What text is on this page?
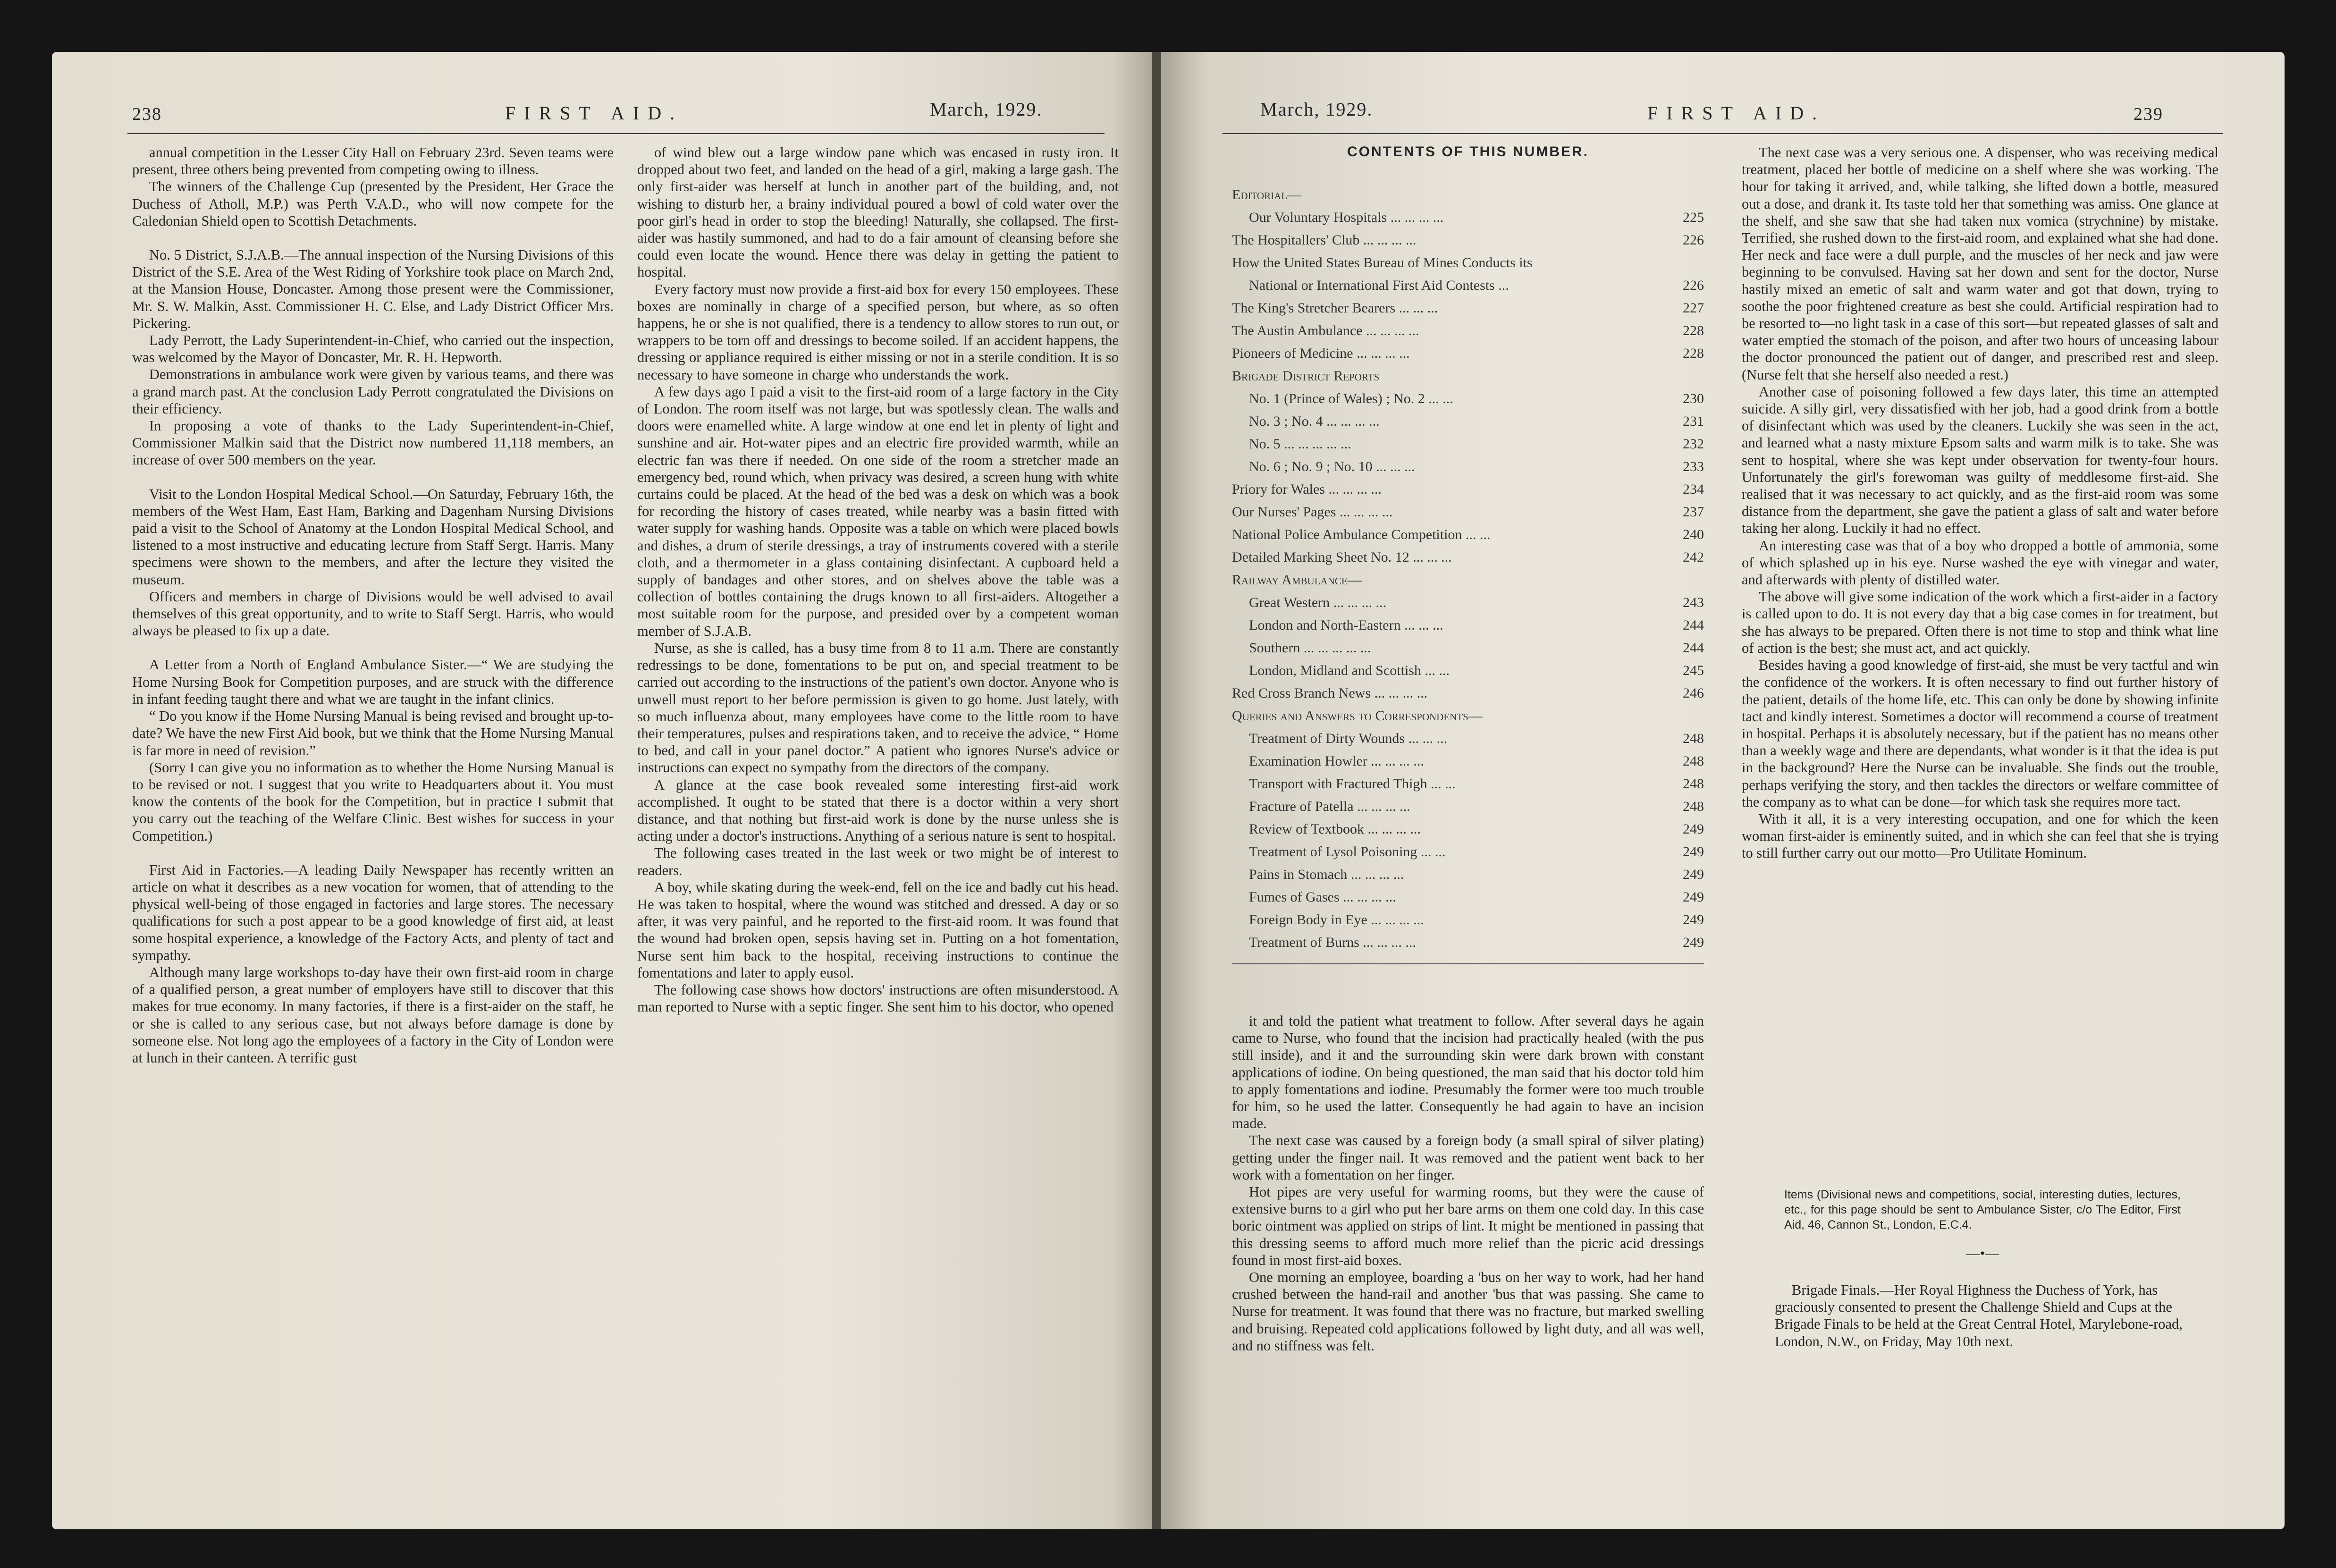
238	FIRST AID.	March, 1929.

annual competition in the Lesser City Hall on February 23rd. Seven teams were present, three others being prevented from competing owing to illness.

The winners of the Challenge Cup (presented by the President, Her Grace the Duchess of Atholl, M.P.) was Perth V.A.D., who will now compete for the Caledonian Shield open to Scottish Detachments.

No. 5 District, S.J.A.B.—The annual inspection of the Nursing Divisions of this District of the S.E. Area of the West Riding of Yorkshire took place on March 2nd, at the Mansion House, Doncaster. Among those present were the Commissioner, Mr. S. W. Malkin, Asst. Commissioner H. C. Else, and Lady District Officer Mrs. Pickering.

Lady Perrott, the Lady Superintendent-in-Chief, who carried out the inspection, was welcomed by the Mayor of Doncaster, Mr. R. H. Hepworth.

Demonstrations in ambulance work were given by various teams, and there was a grand march past. At the conclusion Lady Perrott congratulated the Divisions on their efficiency.

In proposing a vote of thanks to the Lady Superintendent-in-Chief, Commissioner Malkin said that the District now numbered 11,118 members, an increase of over 500 members on the year.

Visit to the London Hospital Medical School.—On Saturday, February 16th, the members of the West Ham, East Ham, Barking and Dagenham Nursing Divisions paid a visit to the School of Anatomy at the London Hospital Medical School, and listened to a most instructive and educating lecture from Staff Sergt. Harris. Many specimens were shown to the members, and after the lecture they visited the museum.

Officers and members in charge of Divisions would be well advised to avail themselves of this great opportunity, and to write to Staff Sergt. Harris, who would always be pleased to fix up a date.

A Letter from a North of England Ambulance Sister.—“ We are studying the Home Nursing Book for Competition purposes, and are struck with the difference in infant feeding taught there and what we are taught in the infant clinics.

“ Do you know if the Home Nursing Manual is being revised and brought up-to-date? We have the new First Aid book, but we think that the Home Nursing Manual is far more in need of revision.”

(Sorry I can give you no information as to whether the Home Nursing Manual is to be revised or not. I suggest that you write to Headquarters about it. You must know the contents of the book for the Competition, but in practice I submit that you carry out the teaching of the Welfare Clinic. Best wishes for success in your Competition.)

First Aid in Factories.—A leading Daily Newspaper has recently written an article on what it describes as a new vocation for women, that of attending to the physical well-being of those engaged in factories and large stores. The necessary qualifications for such a post appear to be a good knowledge of first aid, at least some hospital experience, a knowledge of the Factory Acts, and plenty of tact and sympathy.

Although many large workshops to-day have their own first-aid room in charge of a qualified person, a great number of employers have still to discover that this makes for true economy. In many factories, if there is a first-aider on the staff, he or she is called to any serious case, but not always before damage is done by someone else. Not long ago the employees of a factory in the City of London were at lunch in their canteen. A terrific gust

of wind blew out a large window pane which was encased in rusty iron. It dropped about two feet, and landed on the head of a girl, making a large gash. The only first-aider was herself at lunch in another part of the building, and, not wishing to disturb her, a brainy individual poured a bowl of cold water over the poor girl's head in order to stop the bleeding! Naturally, she collapsed. The first-aider was hastily summoned, and had to do a fair amount of cleansing before she could even locate the wound. Hence there was delay in getting the patient to hospital.

Every factory must now provide a first-aid box for every 150 employees. These boxes are nominally in charge of a specified person, but where, as so often happens, he or she is not qualified, there is a tendency to allow stores to run out, or wrappers to be torn off and dressings to become soiled. If an accident happens, the dressing or appliance required is either missing or not in a sterile condition. It is so necessary to have someone in charge who understands the work.

A few days ago I paid a visit to the first-aid room of a large factory in the City of London. The room itself was not large, but was spotlessly clean. The walls and doors were enamelled white. A large window at one end let in plenty of light and sunshine and air. Hot-water pipes and an electric fire provided warmth, while an electric fan was there if needed. On one side of the room a stretcher made an emergency bed, round which, when privacy was desired, a screen hung with white curtains could be placed. At the head of the bed was a desk on which was a book for recording the history of cases treated, while nearby was a basin fitted with water supply for washing hands. Opposite was a table on which were placed bowls and dishes, a drum of sterile dressings, a tray of instruments covered with a sterile cloth, and a thermometer in a glass containing disinfectant. A cupboard held a supply of bandages and other stores, and on shelves above the table was a collection of bottles containing the drugs known to all first-aiders. Altogether a most suitable room for the purpose, and presided over by a competent woman member of S.J.A.B.

Nurse, as she is called, has a busy time from 8 to 11 a.m. There are constantly redressings to be done, fomentations to be put on, and special treatment to be carried out according to the instructions of the patient's own doctor. Anyone who is unwell must report to her before permission is given to go home. Just lately, with so much influenza about, many employees have come to the little room to have their temperatures, pulses and respirations taken, and to receive the advice, “ Home to bed, and call in your panel doctor.” A patient who ignores Nurse's advice or instructions can expect no sympathy from the directors of the company.

A glance at the case book revealed some interesting first-aid work accomplished. It ought to be stated that there is a doctor within a very short distance, and that nothing but first-aid work is done by the nurse unless she is acting under a doctor's instructions. Anything of a serious nature is sent to hospital.

The following cases treated in the last week or two might be of interest to readers.

A boy, while skating during the week-end, fell on the ice and badly cut his head. He was taken to hospital, where the wound was stitched and dressed. A day or so after, it was very painful, and he reported to the first-aid room. It was found that the wound had broken open, sepsis having set in. Putting on a hot fomentation, Nurse sent him back to the hospital, receiving instructions to continue the fomentations and later to apply eusol.

The following case shows how doctors' instructions are often misunderstood. A man reported to Nurse with a septic finger. She sent him to his doctor, who opened

March, 1929.	FIRST AID.	239
CONTENTS OF THIS NUMBER.
Editorial—
Our Voluntary Hospitals ... ... ... ...	225
The Hospitallers' Club ... ... ... ...	226
How the United States Bureau of Mines Conducts its
National or International First Aid Contests ...	226
The King's Stretcher Bearers ... ... ...	227
The Austin Ambulance ... ... ... ...	228
Pioneers of Medicine ... ... ... ...	228
Brigade District Reports
No. 1 (Prince of Wales) ; No. 2 ... ...	230
No. 3 ; No. 4 ... ... ... ...	231
No. 5 ... ... ... ... ...	232
No. 6 ; No. 9 ; No. 10 ... ... ...	233
Priory for Wales ... ... ... ...	234
Our Nurses' Pages ... ... ... ...	237
National Police Ambulance Competition ... ...	240
Detailed Marking Sheet No. 12 ... ... ...	242
Railway Ambulance—
Great Western ... ... ... ...	243
London and North-Eastern ... ... ...	244
Southern ... ... ... ... ...	244
London, Midland and Scottish ... ...	245
Red Cross Branch News ... ... ... ...	246
Queries and Answers to Correspondents—
Treatment of Dirty Wounds ... ... ...	248
Examination Howler ... ... ... ...	248
Transport with Fractured Thigh ... ...	248
Fracture of Patella ... ... ... ...	248
Review of Textbook ... ... ... ...	249
Treatment of Lysol Poisoning ... ...	249
Pains in Stomach ... ... ... ...	249
Fumes of Gases ... ... ... ...	249
Foreign Body in Eye ... ... ... ...	249
Treatment of Burns ... ... ... ...	249

it and told the patient what treatment to follow. After several days he again came to Nurse, who found that the incision had practically healed (with the pus still inside), and it and the surrounding skin were dark brown with constant applications of iodine. On being questioned, the man said that his doctor told him to apply fomentations and iodine. Presumably the former were too much trouble for him, so he used the latter. Consequently he had again to have an incision made.

The next case was caused by a foreign body (a small spiral of silver plating) getting under the finger nail. It was removed and the patient went back to her work with a fomentation on her finger.

Hot pipes are very useful for warming rooms, but they were the cause of extensive burns to a girl who put her bare arms on them one cold day. In this case boric ointment was applied on strips of lint. It might be mentioned in passing that this dressing seems to afford much more relief than the picric acid dressings found in most first-aid boxes.

One morning an employee, boarding a 'bus on her way to work, had her hand crushed between the hand-rail and another 'bus that was passing. She came to Nurse for treatment. It was found that there was no fracture, but marked swelling and bruising. Repeated cold applications followed by light duty, and all was well, and no stiffness was felt.

The next case was a very serious one. A dispenser, who was receiving medical treatment, placed her bottle of medicine on a shelf where she was working. The hour for taking it arrived, and, while talking, she lifted down a bottle, measured out a dose, and drank it. Its taste told her that something was amiss. One glance at the shelf, and she saw that she had taken nux vomica (strychnine) by mistake. Terrified, she rushed down to the first-aid room, and explained what she had done. Her neck and face were a dull purple, and the muscles of her neck and jaw were beginning to be convulsed. Having sat her down and sent for the doctor, Nurse hastily mixed an emetic of salt and warm water and got that down, trying to soothe the poor frightened creature as best she could. Artificial respiration had to be resorted to—no light task in a case of this sort—but repeated glasses of salt and water emptied the stomach of the poison, and after two hours of unceasing labour the doctor pronounced the patient out of danger, and prescribed rest and sleep. (Nurse felt that she herself also needed a rest.)

Another case of poisoning followed a few days later, this time an attempted suicide. A silly girl, very dissatisfied with her job, had a good drink from a bottle of disinfectant which was used by the cleaners. Luckily she was seen in the act, and learned what a nasty mixture Epsom salts and warm milk is to take. She was sent to hospital, where she was kept under observation for twenty-four hours. Unfortunately the girl's forewoman was guilty of meddlesome first-aid. She realised that it was necessary to act quickly, and as the first-aid room was some distance from the department, she gave the patient a glass of salt and water before taking her along. Luckily it had no effect.

An interesting case was that of a boy who dropped a bottle of ammonia, some of which splashed up in his eye. Nurse washed the eye with vinegar and water, and afterwards with plenty of distilled water.

The above will give some indication of the work which a first-aider in a factory is called upon to do. It is not every day that a big case comes in for treatment, but she has always to be prepared. Often there is not time to stop and think what line of action is the best; she must act, and act quickly.

Besides having a good knowledge of first-aid, she must be very tactful and win the confidence of the workers. It is often necessary to find out further history of the patient, details of the home life, etc. This can only be done by showing infinite tact and kindly interest. Sometimes a doctor will recommend a course of treatment in hospital. Perhaps it is absolutely necessary, but if the patient has no means other than a weekly wage and there are dependants, what wonder is it that the idea is put in the background? Here the Nurse can be invaluable. She finds out the trouble, perhaps verifying the story, and then tackles the directors or welfare committee of the company as to what can be done—for which task she requires more tact.

With it all, it is a very interesting occupation, and one for which the keen woman first-aider is eminently suited, and in which she can feel that she is trying to still further carry out our motto—Pro Utilitate Hominum.

Items (Divisional news and competitions, social, interesting duties, lectures, etc., for this page should be sent to Ambulance Sister, c/o The Editor, First Aid, 46, Cannon St., London, E.C.4.
—•—

Brigade Finals.—Her Royal Highness the Duchess of York, has graciously consented to present the Challenge Shield and Cups at the Brigade Finals to be held at the Great Central Hotel, Marylebone-road, London, N.W., on Friday, May 10th next.
